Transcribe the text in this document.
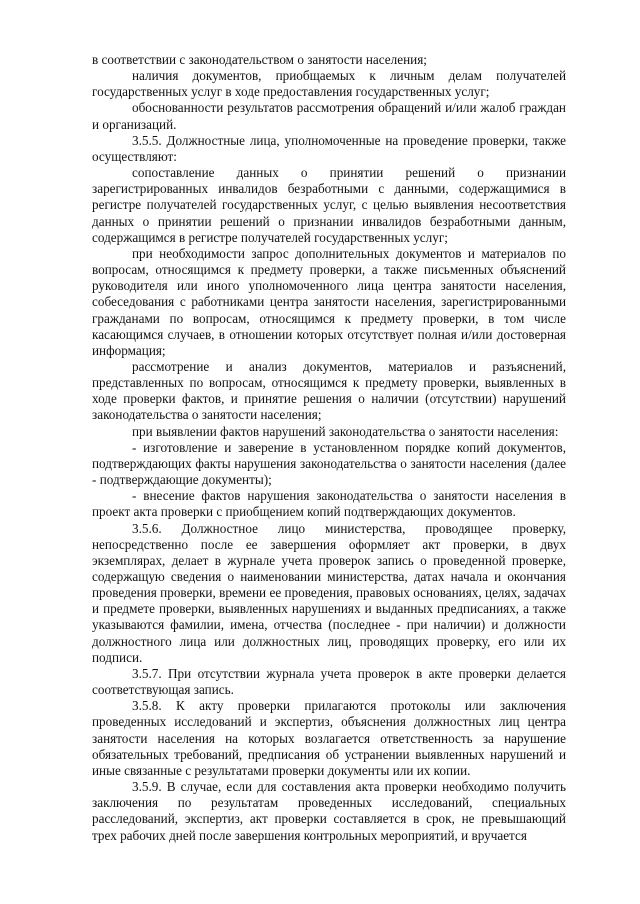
в соответствии с законодательством о занятости населения;

наличия документов, приобщаемых к личным делам получателей государственных услуг в ходе предоставления государственных услуг;

обоснованности результатов рассмотрения обращений и/или жалоб граждан и организаций.

3.5.5. Должностные лица, уполномоченные на проведение проверки, также осуществляют:

сопоставление данных о принятии решений о признании зарегистрированных инвалидов безработными с данными, содержащимися в регистре получателей государственных услуг, с целью выявления несоответствия данных о принятии решений о признании инвалидов безработными данным, содержащимся в регистре получателей государственных услуг;

при необходимости запрос дополнительных документов и материалов по вопросам, относящимся к предмету проверки, а также письменных объяснений руководителя или иного уполномоченного лица центра занятости населения, собеседования с работниками центра занятости населения, зарегистрированными гражданами по вопросам, относящимся к предмету проверки, в том числе касающимся случаев, в отношении которых отсутствует полная и/или достоверная информация;

рассмотрение и анализ документов, материалов и разъяснений, представленных по вопросам, относящимся к предмету проверки, выявленных в ходе проверки фактов, и принятие решения о наличии (отсутствии) нарушений законодательства о занятости населения;

при выявлении фактов нарушений законодательства о занятости населения:

- изготовление и заверение в установленном порядке копий документов, подтверждающих факты нарушения законодательства о занятости населения (далее - подтверждающие документы);

- внесение фактов нарушения законодательства о занятости населения в проект акта проверки с приобщением копий подтверждающих документов.

3.5.6. Должностное лицо министерства, проводящее проверку, непосредственно после ее завершения оформляет акт проверки, в двух экземплярах, делает в журнале учета проверок запись о проведенной проверке, содержащую сведения о наименовании министерства, датах начала и окончания проведения проверки, времени ее проведения, правовых основаниях, целях, задачах и предмете проверки, выявленных нарушениях и выданных предписаниях, а также указываются фамилии, имена, отчества (последнее - при наличии) и должности должностного лица или должностных лиц, проводящих проверку, его или их подписи.

3.5.7. При отсутствии журнала учета проверок в акте проверки делается соответствующая запись.

3.5.8. К акту проверки прилагаются протоколы или заключения проведенных исследований и экспертиз, объяснения должностных лиц центра занятости населения на которых возлагается ответственность за нарушение обязательных требований, предписания об устранении выявленных нарушений и иные связанные с результатами проверки документы или их копии.

3.5.9. В случае, если для составления акта проверки необходимо получить заключения по результатам проведенных исследований, специальных расследований, экспертиз, акт проверки составляется в срок, не превышающий трех рабочих дней после завершения контрольных мероприятий, и вручается
